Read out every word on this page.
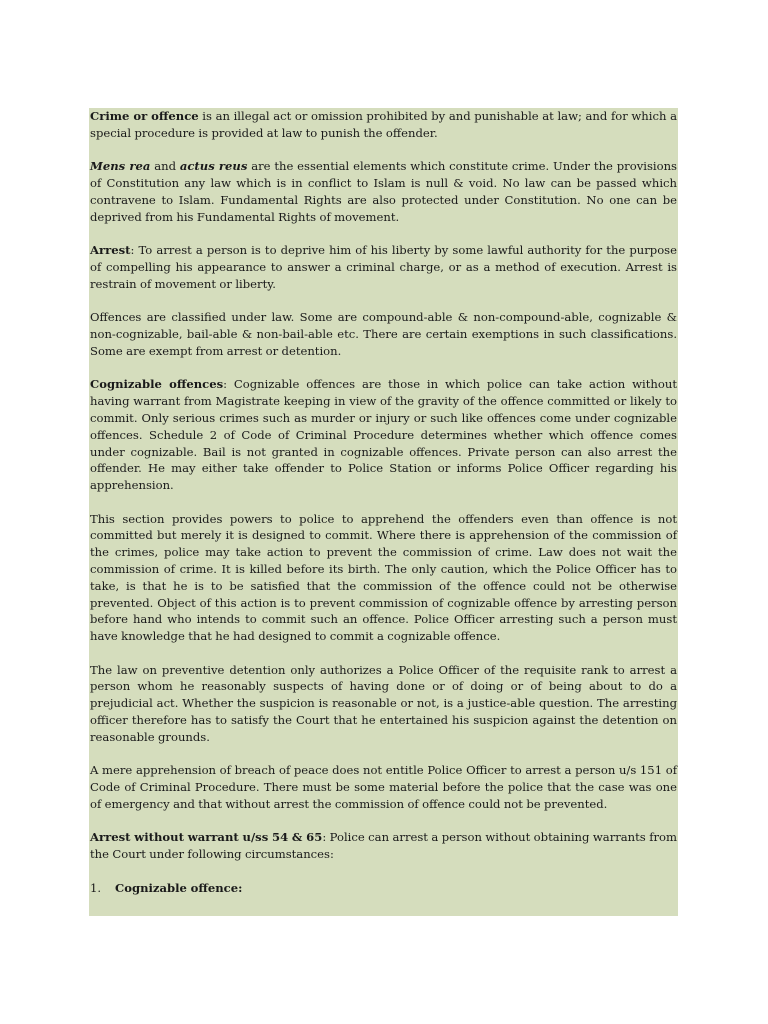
Crime or offence is an illegal act or omission prohibited by and punishable at law; and for which a special procedure is provided at law to punish the offender.

Mens rea and actus reus are the essential elements which constitute crime. Under the provisions of Constitution any law which is in conflict to Islam is null & void. No law can be passed which contravene to Islam. Fundamental Rights are also protected under Constitution. No one can be deprived from his Fundamental Rights of movement.

Arrest: To arrest a person is to deprive him of his liberty by some lawful authority for the purpose of compelling his appearance to answer a criminal charge, or as a method of execution. Arrest is restrain of movement or liberty.

Offences are classified under law. Some are compound-able & non-compound-able, cognizable & non-cognizable, bail-able & non-bail-able etc. There are certain exemptions in such classifications. Some are exempt from arrest or detention.

Cognizable offences: Cognizable offences are those in which police can take action without having warrant from Magistrate keeping in view of the gravity of the offence committed or likely to commit. Only serious crimes such as murder or injury or such like offences come under cognizable offences. Schedule 2 of Code of Criminal Procedure determines whether which offence comes under cognizable. Bail is not granted in cognizable offences. Private person can also arrest the offender. He may either take offender to Police Station or informs Police Officer regarding his apprehension.

This section provides powers to police to apprehend the offenders even than offence is not committed but merely it is designed to commit. Where there is apprehension of the commission of the crimes, police may take action to prevent the commission of crime. Law does not wait the commission of crime. It is killed before its birth. The only caution, which the Police Officer has to take, is that he is to be satisfied that the commission of the offence could not be otherwise prevented. Object of this action is to prevent commission of cognizable offence by arresting person before hand who intends to commit such an offence. Police Officer arresting such a person must have knowledge that he had designed to commit a cognizable offence.

The law on preventive detention only authorizes a Police Officer of the requisite rank to arrest a person whom he reasonably suspects of having done or of doing or of being about to do a prejudicial act. Whether the suspicion is reasonable or not, is a justice-able question. The arresting officer therefore has to satisfy the Court that he entertained his suspicion against the detention on reasonable grounds.

A mere apprehension of breach of peace does not entitle Police Officer to arrest a person u/s 151 of Code of Criminal Procedure. There must be some material before the police that the case was one of emergency and that without arrest the commission of offence could not be prevented.

Arrest without warrant u/ss 54 & 65: Police can arrest a person without obtaining warrants from the Court under following circumstances:

1. Cognizable offence:
